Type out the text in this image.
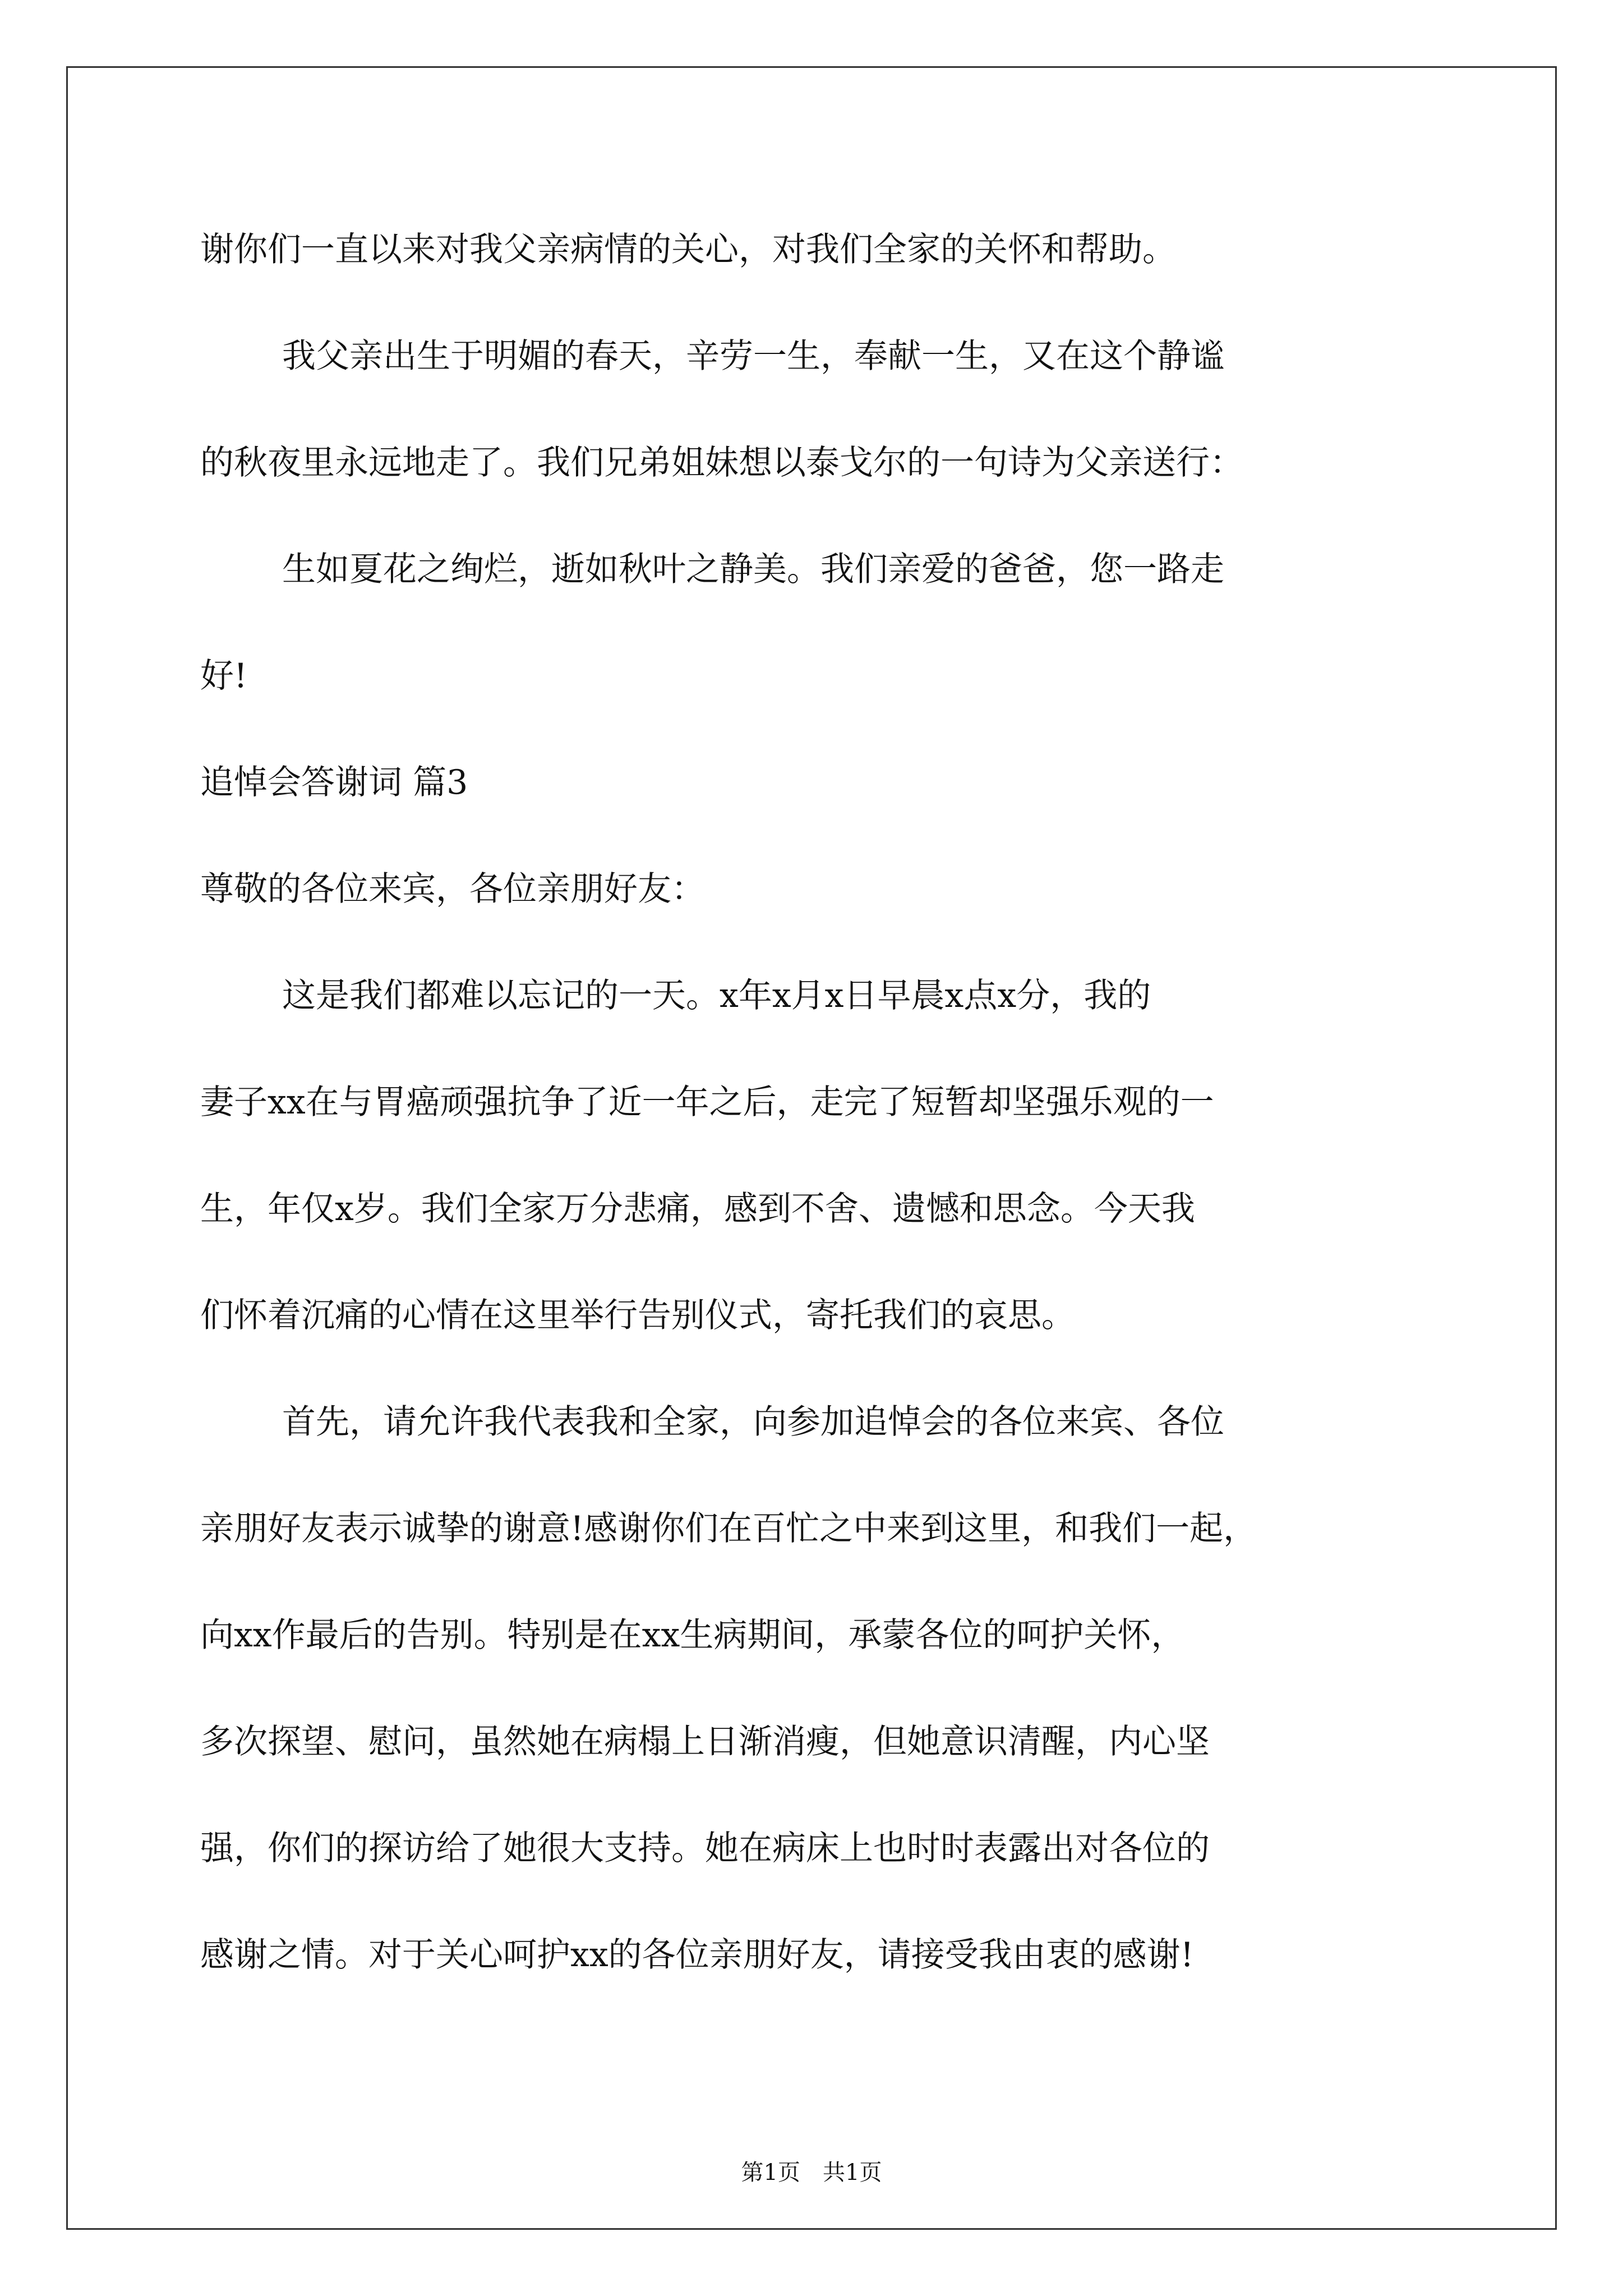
谢你们一直以来对我父亲病情的关心，对我们全家的关怀和帮助。
我父亲出生于明媚的春天，辛劳一生，奉献一生，又在这个静谧
的秋夜里永远地走了。我们兄弟姐妹想以泰戈尔的一句诗为父亲送行：
生如夏花之绚烂，逝如秋叶之静美。我们亲爱的爸爸，您一路走
好!
追悼会答谢词 篇3
尊敬的各位来宾，各位亲朋好友：
这是我们都难以忘记的一天。x年x月x日早晨x点x分，我的
妻子xx在与胃癌顽强抗争了近一年之后，走完了短暂却坚强乐观的一
生，年仅x岁。我们全家万分悲痛，感到不舍、遗憾和思念。今天我
们怀着沉痛的心情在这里举行告别仪式，寄托我们的哀思。
首先，请允许我代表我和全家，向参加追悼会的各位来宾、各位
亲朋好友表示诚挚的谢意!感谢你们在百忙之中来到这里，和我们一起，
向xx作最后的告别。特别是在xx生病期间，承蒙各位的呵护关怀，
多次探望、慰问，虽然她在病榻上日渐消瘦，但她意识清醒，内心坚
强，你们的探访给了她很大支持。她在病床上也时时表露出对各位的
感谢之情。对于关心呵护xx的各位亲朋好友，请接受我由衷的感谢!
第1页　共1页
